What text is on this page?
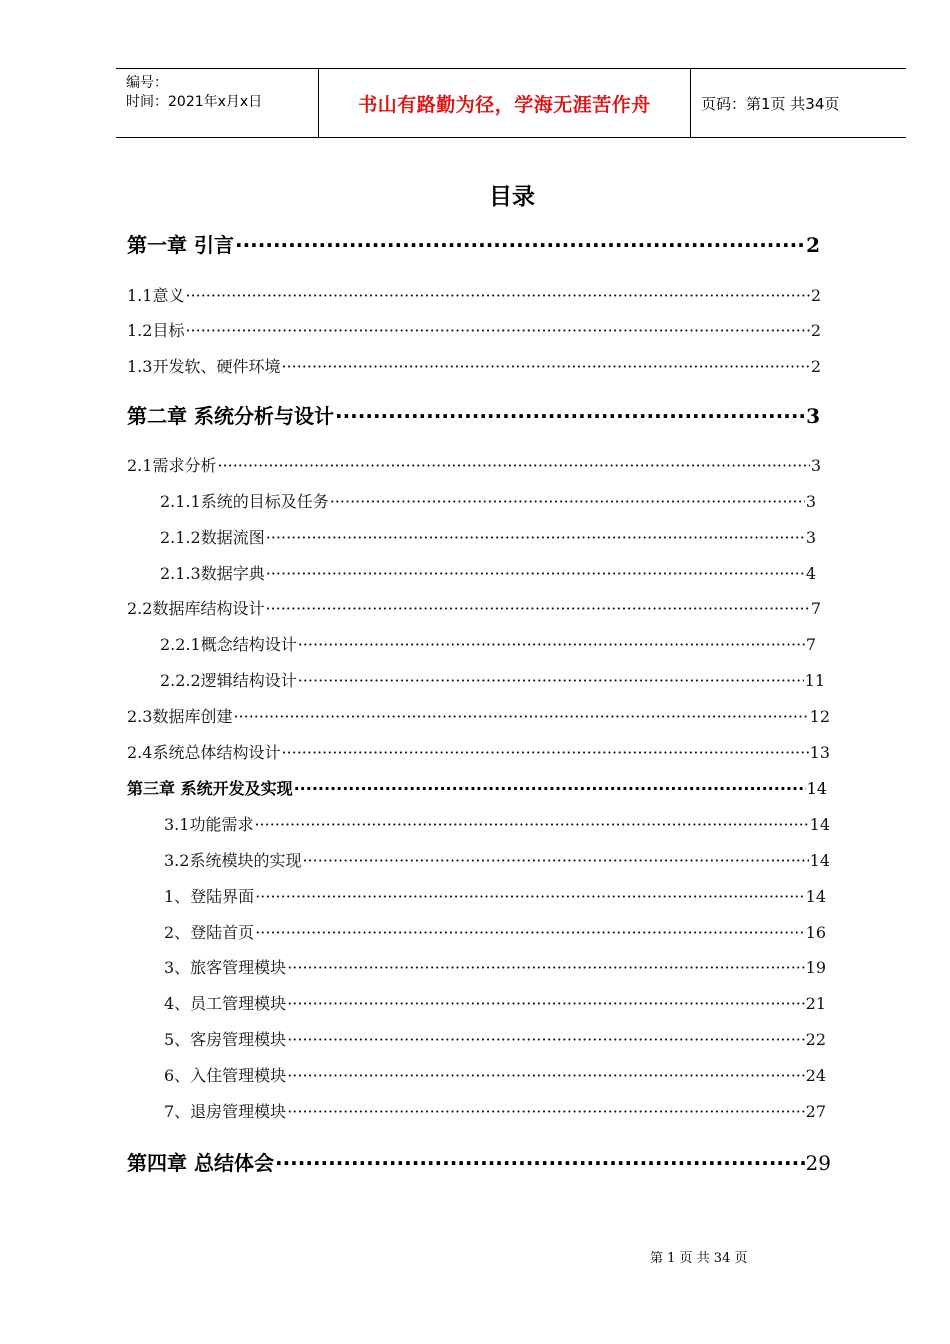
编号：
时间：2021年x月x日	书山有路勤为径，学海无涯苦作舟	页码：第1页 共34页
目录
第一章 引言 ·····	2
1.1意义 ·····	2
1.2目标 ·····	2
1.3开发软、硬件环境 ·····	2
第二章 系统分析与设计 ·····	3
2.1需求分析 ·····	3
2.1.1系统的目标及任务 ·····	3
2.1.2数据流图 ·····	3
2.1.3数据字典 ·····	4
2.2数据库结构设计 ·····	7
2.2.1概念结构设计 ·····	7
2.2.2逻辑结构设计 ·····	11
2.3数据库创建 ·····	12
2.4系统总体结构设计 ·····	13
第三章 系统开发及实现 ·····	14
3.1功能需求 ·····	14
3.2系统模块的实现 ·····	14
1、登陆界面 ·····	14
2、登陆首页 ·····	16
3、旅客管理模块 ·····	19
4、员工管理模块 ·····	21
5、客房管理模块 ·····	22
6、入住管理模块 ·····	24
7、退房管理模块 ·····	27
第四章 总结体会 ·····	29
第 1 页 共 34 页
